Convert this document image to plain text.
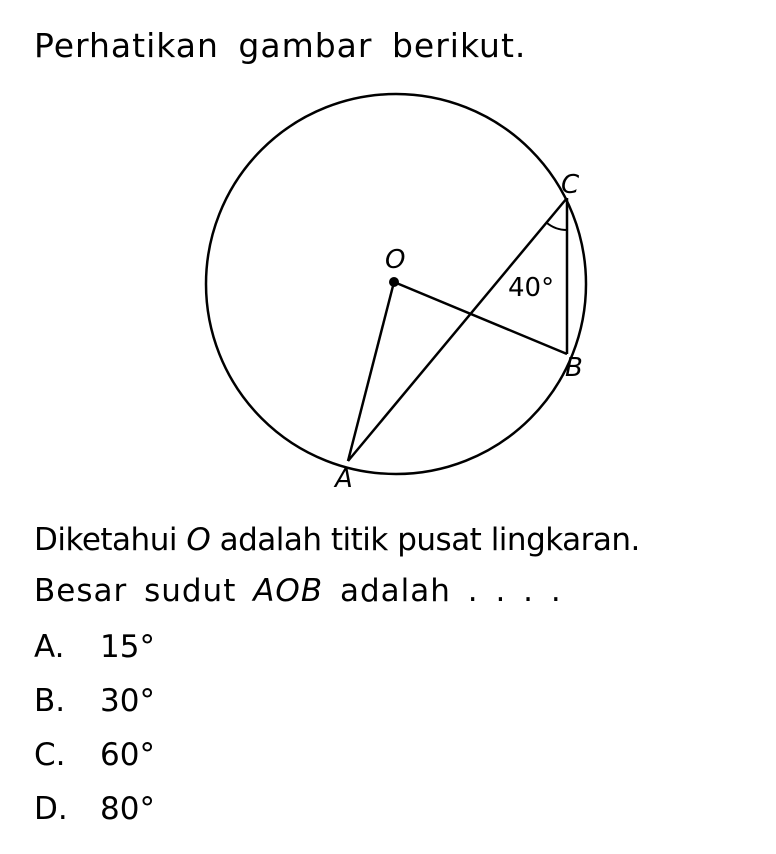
Perhatikan gambar berikut.

O
C
B
A
40°

Diketahui O adalah titik pusat lingkaran.

Besar sudut AOB adalah . . . .

A.	15°
B.	30°
C.	60°
D.	80°
